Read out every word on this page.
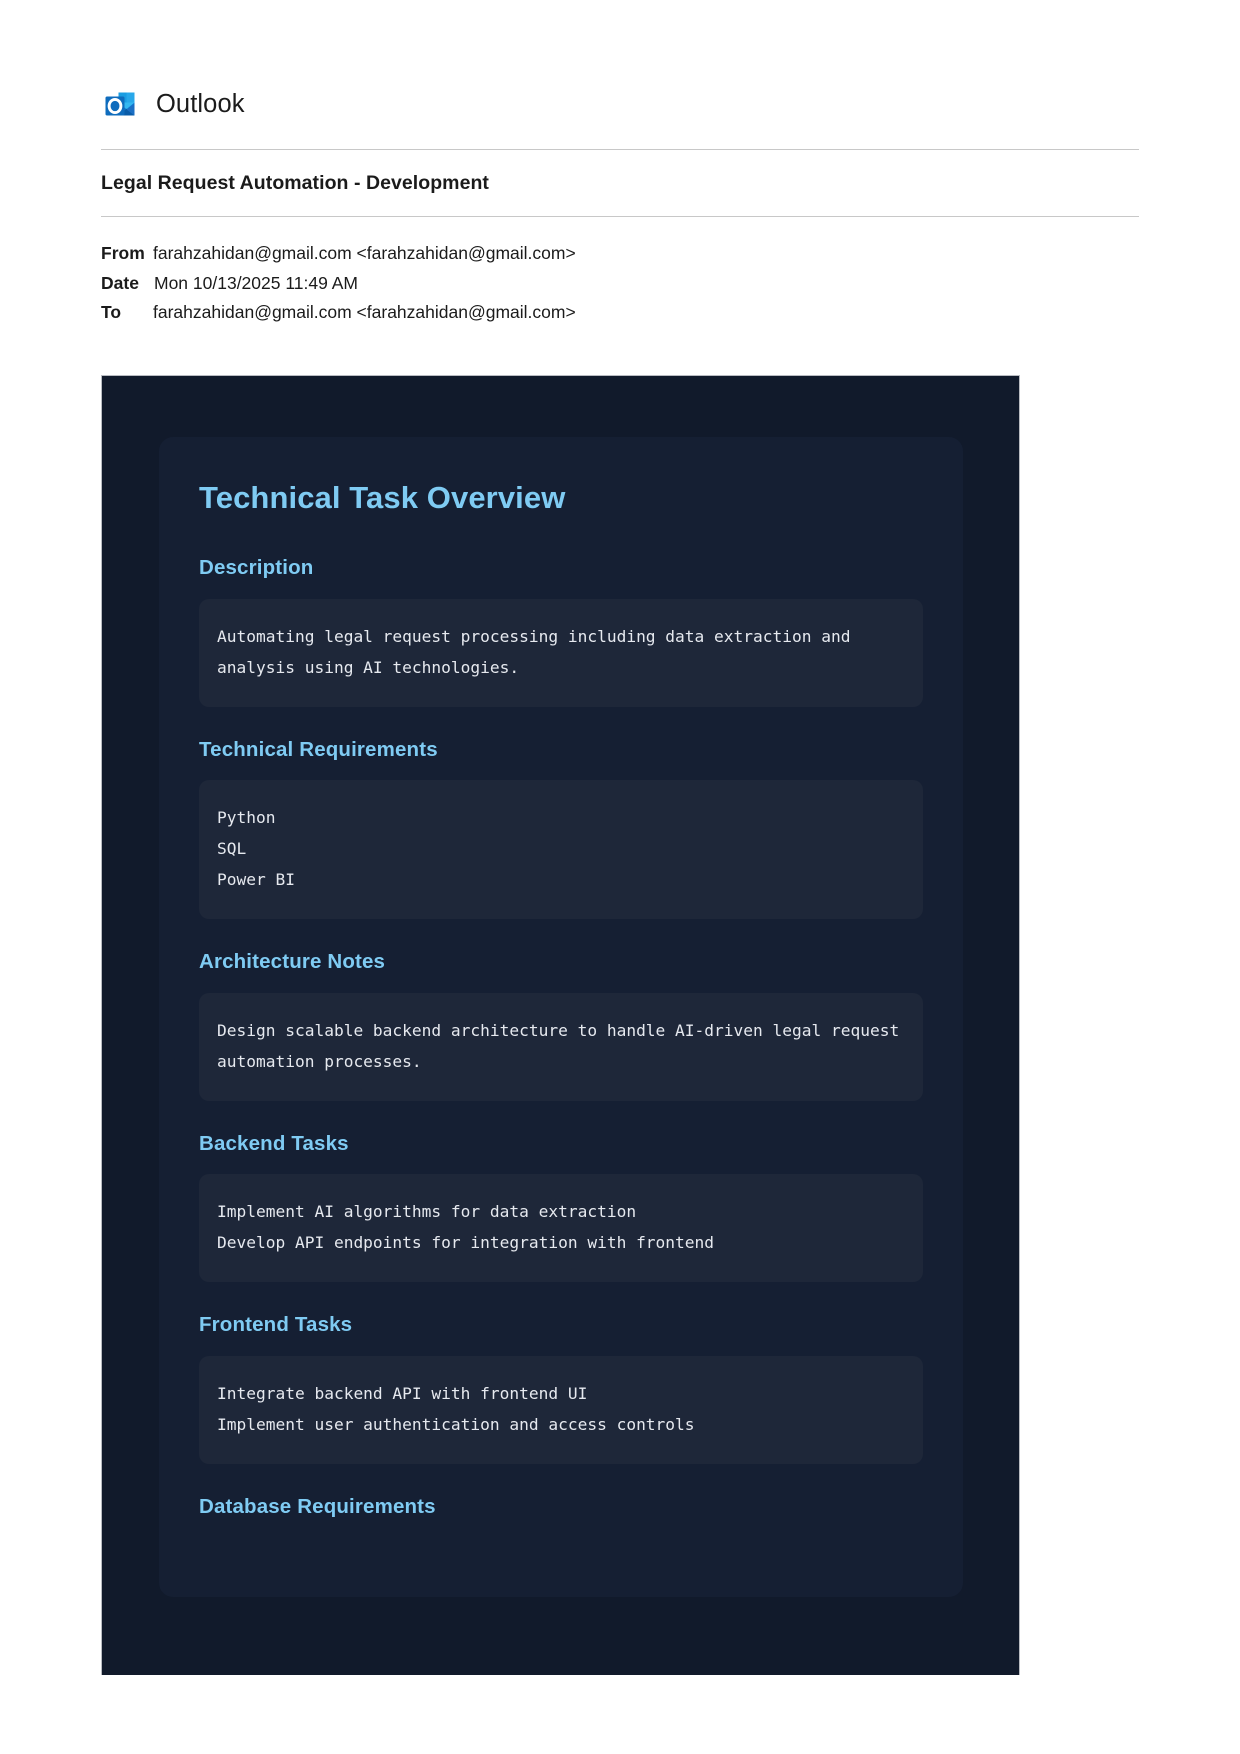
Outlook
Legal Request Automation - Development
From farahzahidan@gmail.com <farahzahidan@gmail.com>
Date Mon 10/13/2025 11:49 AM
To	farahzahidan@gmail.com <farahzahidan@gmail.com>
Technical Task Overview
Description
Automating legal request processing including data extraction and analysis using AI technologies.
Technical Requirements
Python
SQL
Power BI
Architecture Notes
Design scalable backend architecture to handle AI-driven legal request automation processes.
Backend Tasks
Implement AI algorithms for data extraction
Develop API endpoints for integration with frontend
Frontend Tasks
Integrate backend API with frontend UI
Implement user authentication and access controls
Database Requirements
